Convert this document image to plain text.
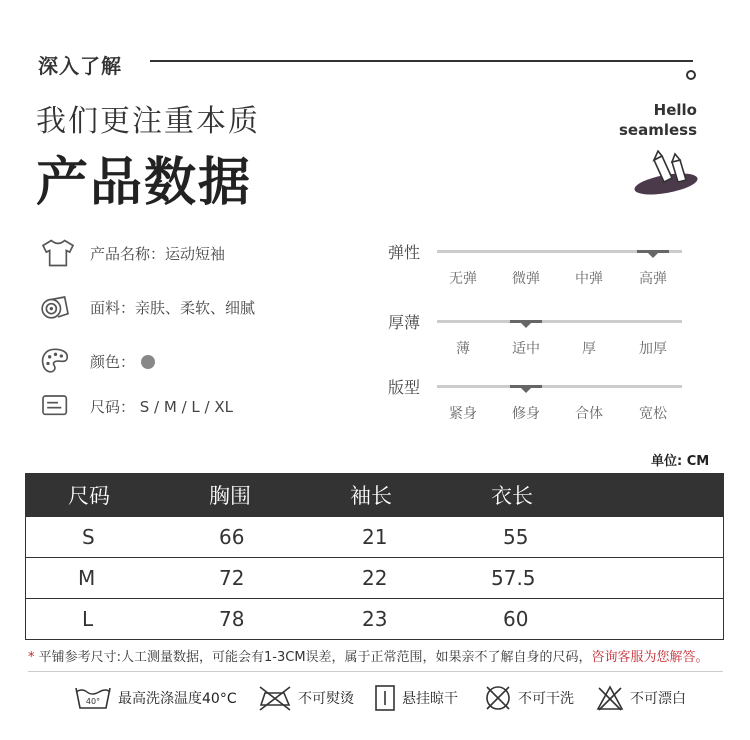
深入了解
我们更注重本质
产品数据
Hello
seamless
产品名称：运动短袖
面料：亲肤、柔软、细腻
颜色：
尺码： S / M / L / XL
弹性
无弹	微弹	中弹	高弹
厚薄
薄	适中	厚	加厚
版型
紧身	修身	合体	宽松
单位: CM
尺码	胸围	袖长	衣长
S	66	21	55
M	72	22	57.5
L	78	23	60
* 平铺参考尺寸:人工测量数据，可能会有1-3CM误差，属于正常范围，如果亲不了解自身的尺码，咨询客服为您解答。
40° 最高洗涤温度40°C	不可熨烫	悬挂晾干	不可干洗	不可漂白
